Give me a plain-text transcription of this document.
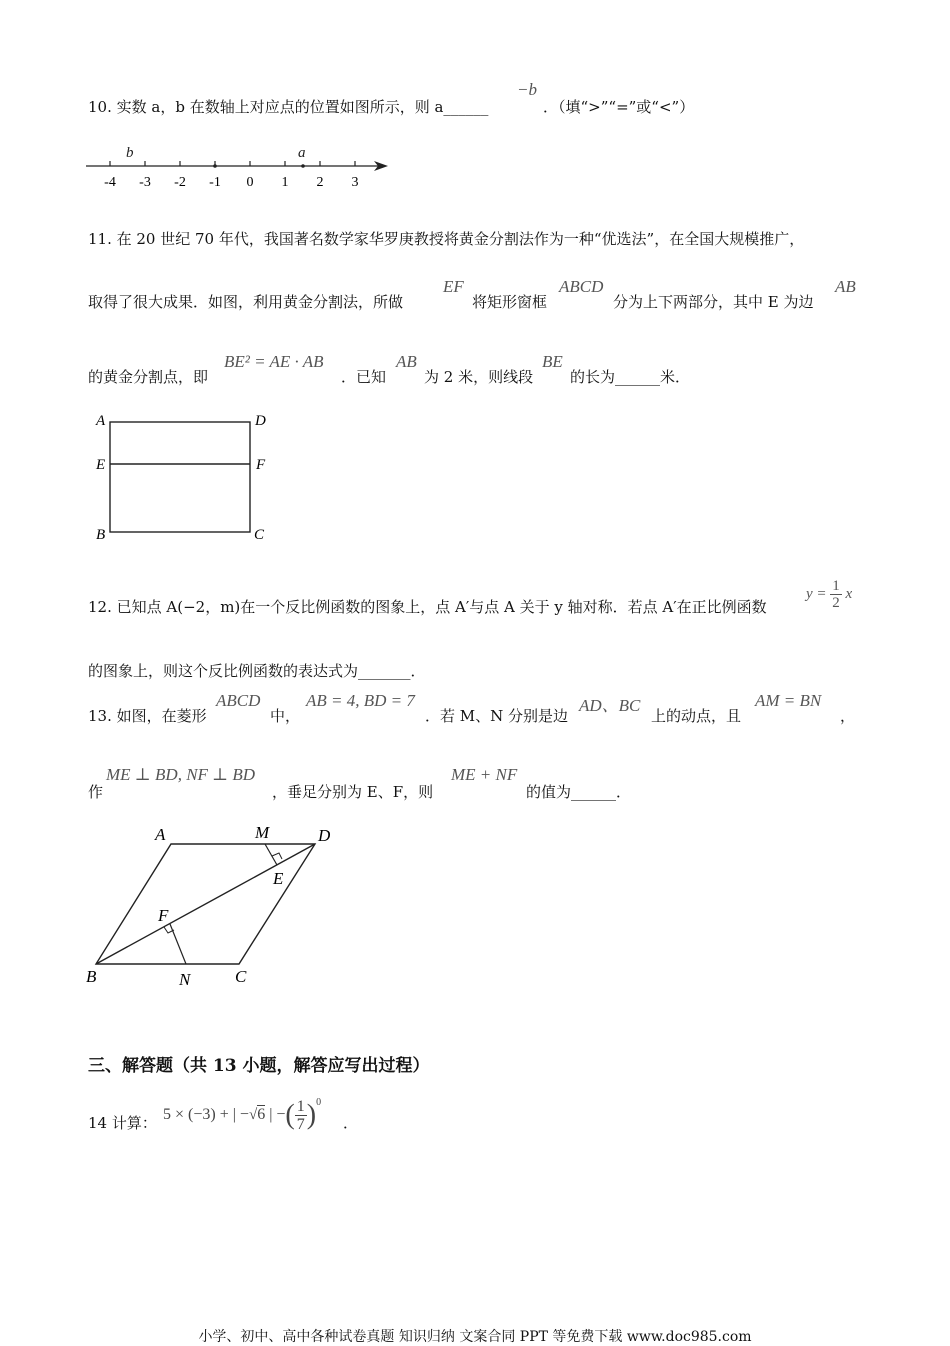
10. 实数 a，b 在数轴上对应点的位置如图所示，则 a______
−b
．（填“>”“=”或“<”）
-4 -3 -2 -1 0 1 2 3
b	a
11. 在 20 世纪 70 年代，我国著名数学家华罗庚教授将黄金分割法作为一种“优选法”，在全国大规模推广，
取得了很大成果．如图，利用黄金分割法，所做
EF
将矩形窗框
ABCD
分为上下两部分，其中 E 为边
AB
的黄金分割点，即
BE² = AE · AB
．已知
AB
为 2 米，则线段
BE
的长为______米．
A	D
E	F
B	C
12. 已知点 A(−2，m)在一个反比例函数的图象上，点 A′与点 A 关于 y 轴对称．若点 A′在正比例函数
$y = \frac{1}{2}$ x
的图象上，则这个反比例函数的表达式为_______．
13. 如图，在菱形
ABCD
中，
AB = 4, BD = 7
．若 M、N 分别是边
AD、BC
上的动点，且
AM = BN
，
作
ME ⊥ BD, NF ⊥ BD
，垂足分别为 E、F，则
ME + NF
的值为______．
A	M	D
E
F
B	N	C
三、解答题（共 13 小题，解答应写出过程）
14 计算： 5 × (−3) + | −√6 | −( $\frac{1}{7} )^0$
．
小学、初中、高中各种试卷真题 知识归纳 文案合同 PPT 等免费下载 www.doc985.com
